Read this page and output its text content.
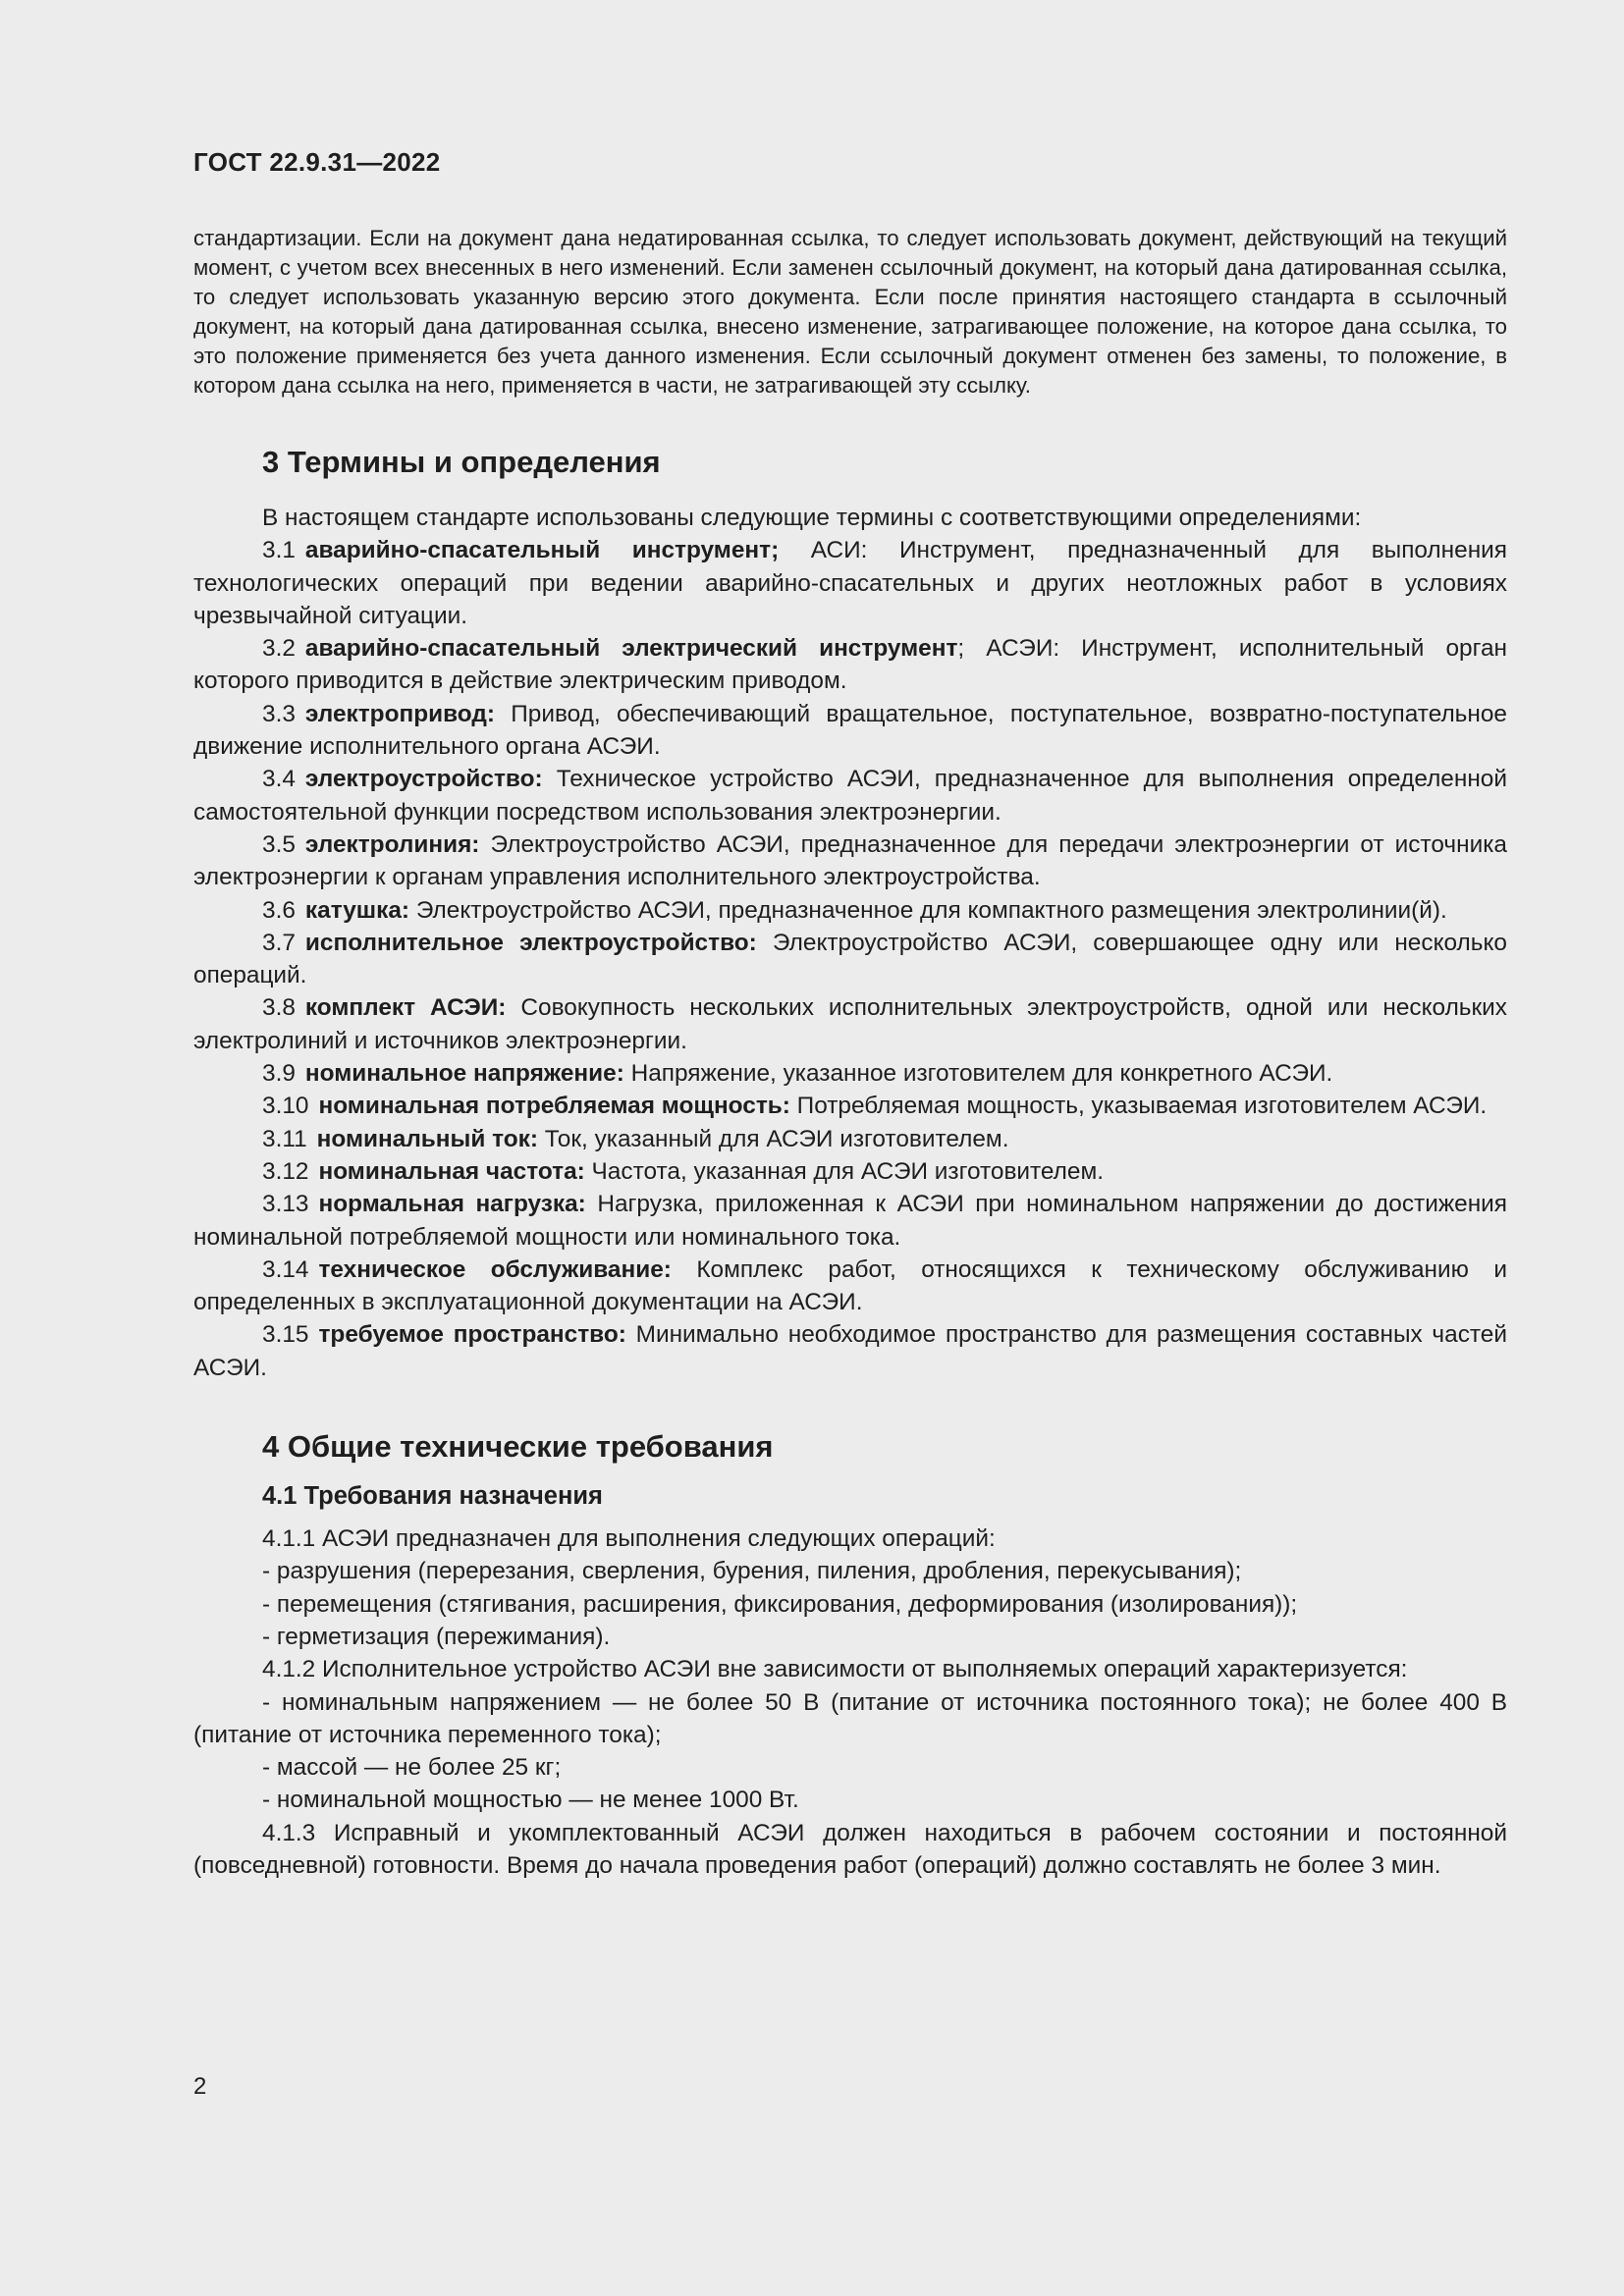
ГОСТ 22.9.31—2022

стандартизации. Если на документ дана недатированная ссылка, то следует использовать документ, действующий на текущий момент, с учетом всех внесенных в него изменений. Если заменен ссылочный документ, на который дана датированная ссылка, то следует использовать указанную версию этого документа. Если после принятия настоящего стандарта в ссылочный документ, на который дана датированная ссылка, внесено изменение, затрагивающее положение, на которое дана ссылка, то это положение применяется без учета данного изменения. Если ссылочный документ отменен без замены, то положение, в котором дана ссылка на него, применяется в части, не затрагивающей эту ссылку.

3 Термины и определения

В настоящем стандарте использованы следующие термины с соответствующими определениями:

3.1 аварийно-спасательный инструмент; АСИ: Инструмент, предназначенный для выполнения технологических операций при ведении аварийно-спасательных и других неотложных работ в условиях чрезвычайной ситуации.

3.2 аварийно-спасательный электрический инструмент; АСЭИ: Инструмент, исполнительный орган которого приводится в действие электрическим приводом.

3.3 электропривод: Привод, обеспечивающий вращательное, поступательное, возвратно-поступательное движение исполнительного органа АСЭИ.

3.4 электроустройство: Техническое устройство АСЭИ, предназначенное для выполнения определенной самостоятельной функции посредством использования электроэнергии.

3.5 электролиния: Электроустройство АСЭИ, предназначенное для передачи электроэнергии от источника электроэнергии к органам управления исполнительного электроустройства.

3.6 катушка: Электроустройство АСЭИ, предназначенное для компактного размещения электролинии(й).

3.7 исполнительное электроустройство: Электроустройство АСЭИ, совершающее одну или несколько операций.

3.8 комплект АСЭИ: Совокупность нескольких исполнительных электроустройств, одной или нескольких электролиний и источников электроэнергии.

3.9 номинальное напряжение: Напряжение, указанное изготовителем для конкретного АСЭИ.

3.10 номинальная потребляемая мощность: Потребляемая мощность, указываемая изготовителем АСЭИ.

3.11 номинальный ток: Ток, указанный для АСЭИ изготовителем.

3.12 номинальная частота: Частота, указанная для АСЭИ изготовителем.

3.13 нормальная нагрузка: Нагрузка, приложенная к АСЭИ при номинальном напряжении до достижения номинальной потребляемой мощности или номинального тока.

3.14 техническое обслуживание: Комплекс работ, относящихся к техническому обслуживанию и определенных в эксплуатационной документации на АСЭИ.

3.15 требуемое пространство: Минимально необходимое пространство для размещения составных частей АСЭИ.

4 Общие технические требования
4.1 Требования назначения

4.1.1 АСЭИ предназначен для выполнения следующих операций:

- разрушения (перерезания, сверления, бурения, пиления, дробления, перекусывания);

- перемещения (стягивания, расширения, фиксирования, деформирования (изолирования));

- герметизация (пережимания).

4.1.2 Исполнительное устройство АСЭИ вне зависимости от выполняемых операций характеризуется:

- номинальным напряжением — не более 50 В (питание от источника постоянного тока); не более 400 В (питание от источника переменного тока);

- массой — не более 25 кг;

- номинальной мощностью — не менее 1000 Вт.

4.1.3 Исправный и укомплектованный АСЭИ должен находиться в рабочем состоянии и постоянной (повседневной) готовности. Время до начала проведения работ (операций) должно составлять не более 3 мин.

2
